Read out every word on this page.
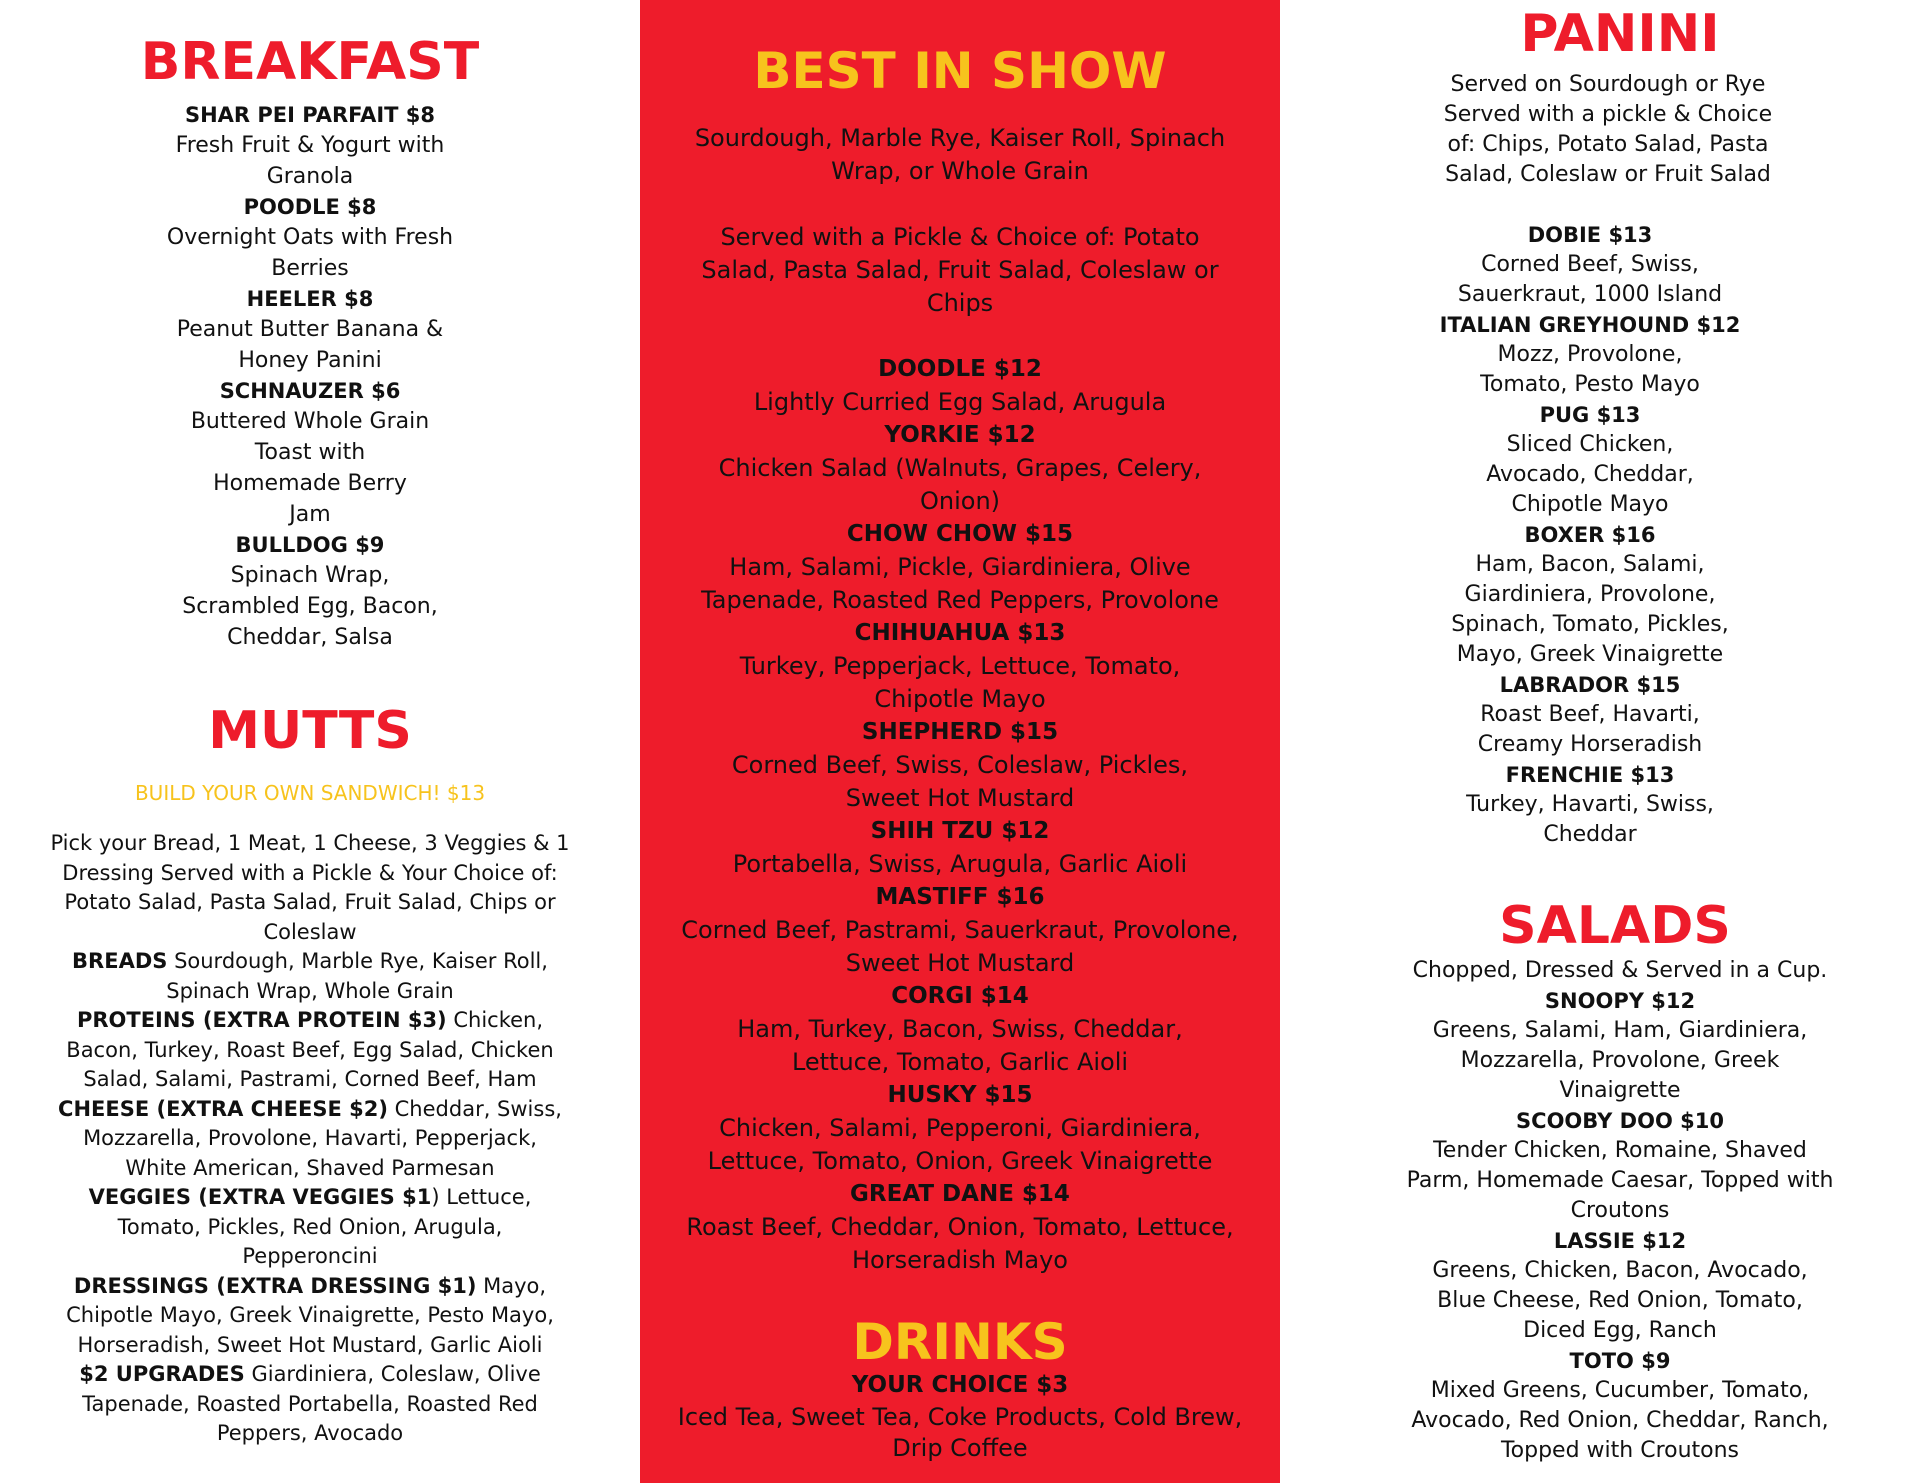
BREAKFAST
SHAR PEI PARFAIT $8
Fresh Fruit & Yogurt with Granola
POODLE $8
Overnight Oats with Fresh Berries
HEELER $8
Peanut Butter Banana & Honey Panini
SCHNAUZER $6
Buttered Whole Grain Toast with Homemade Berry Jam
BULLDOG $9
Spinach Wrap, Scrambled Egg, Bacon, Cheddar, Salsa
MUTTS
BUILD YOUR OWN SANDWICH! $13
Pick your Bread, 1 Meat, 1 Cheese, 3 Veggies & 1 Dressing Served with a Pickle & Your Choice of: Potato Salad, Pasta Salad, Fruit Salad, Chips or Coleslaw
BREADS Sourdough, Marble Rye, Kaiser Roll, Spinach Wrap, Whole Grain
PROTEINS (EXTRA PROTEIN $3) Chicken, Bacon, Turkey, Roast Beef, Egg Salad, Chicken Salad, Salami, Pastrami, Corned Beef, Ham
CHEESE (EXTRA CHEESE $2) Cheddar, Swiss, Mozzarella, Provolone, Havarti, Pepperjack, White American, Shaved Parmesan
VEGGIES (EXTRA VEGGIES $1) Lettuce, Tomato, Pickles, Red Onion, Arugula, Pepperoncini
DRESSINGS (EXTRA DRESSING $1) Mayo, Chipotle Mayo, Greek Vinaigrette, Pesto Mayo, Horseradish, Sweet Hot Mustard, Garlic Aioli
$2 UPGRADES Giardiniera, Coleslaw, Olive Tapenade, Roasted Portabella, Roasted Red Peppers, Avocado
BEST IN SHOW
Sourdough, Marble Rye, Kaiser Roll, Spinach Wrap, or Whole Grain
Served with a Pickle & Choice of: Potato Salad, Pasta Salad, Fruit Salad, Coleslaw or Chips
DOODLE $12
Lightly Curried Egg Salad, Arugula
YORKIE $12
Chicken Salad (Walnuts, Grapes, Celery, Onion)
CHOW CHOW $15
Ham, Salami, Pickle, Giardiniera, Olive Tapenade, Roasted Red Peppers, Provolone
CHIHUAHUA $13
Turkey, Pepperjack, Lettuce, Tomato, Chipotle Mayo
SHEPHERD $15
Corned Beef, Swiss, Coleslaw, Pickles, Sweet Hot Mustard
SHIH TZU $12
Portabella, Swiss, Arugula, Garlic Aioli
MASTIFF $16
Corned Beef, Pastrami, Sauerkraut, Provolone, Sweet Hot Mustard
CORGI $14
Ham, Turkey, Bacon, Swiss, Cheddar, Lettuce, Tomato, Garlic Aioli
HUSKY $15
Chicken, Salami, Pepperoni, Giardiniera, Lettuce, Tomato, Onion, Greek Vinaigrette
GREAT DANE $14
Roast Beef, Cheddar, Onion, Tomato, Lettuce, Horseradish Mayo
DRINKS
YOUR CHOICE $3
Iced Tea, Sweet Tea, Coke Products, Cold Brew, Drip Coffee
PANINI
Served on Sourdough or Rye Served with a pickle & Choice of: Chips, Potato Salad, Pasta Salad, Coleslaw or Fruit Salad
DOBIE $13
Corned Beef, Swiss, Sauerkraut, 1000 Island
ITALIAN GREYHOUND $12
Mozz, Provolone, Tomato, Pesto Mayo
PUG $13
Sliced Chicken, Avocado, Cheddar, Chipotle Mayo
BOXER $16
Ham, Bacon, Salami, Giardiniera, Provolone, Spinach, Tomato, Pickles, Mayo, Greek Vinaigrette
LABRADOR $15
Roast Beef, Havarti, Creamy Horseradish
FRENCHIE $13
Turkey, Havarti, Swiss, Cheddar
SALADS
Chopped, Dressed & Served in a Cup.
SNOOPY $12
Greens, Salami, Ham, Giardiniera, Mozzarella, Provolone, Greek Vinaigrette
SCOOBY DOO $10
Tender Chicken, Romaine, Shaved Parm, Homemade Caesar, Topped with Croutons
LASSIE $12
Greens, Chicken, Bacon, Avocado, Blue Cheese, Red Onion, Tomato, Diced Egg, Ranch
TOTO $9
Mixed Greens, Cucumber, Tomato, Avocado, Red Onion, Cheddar, Ranch, Topped with Croutons
